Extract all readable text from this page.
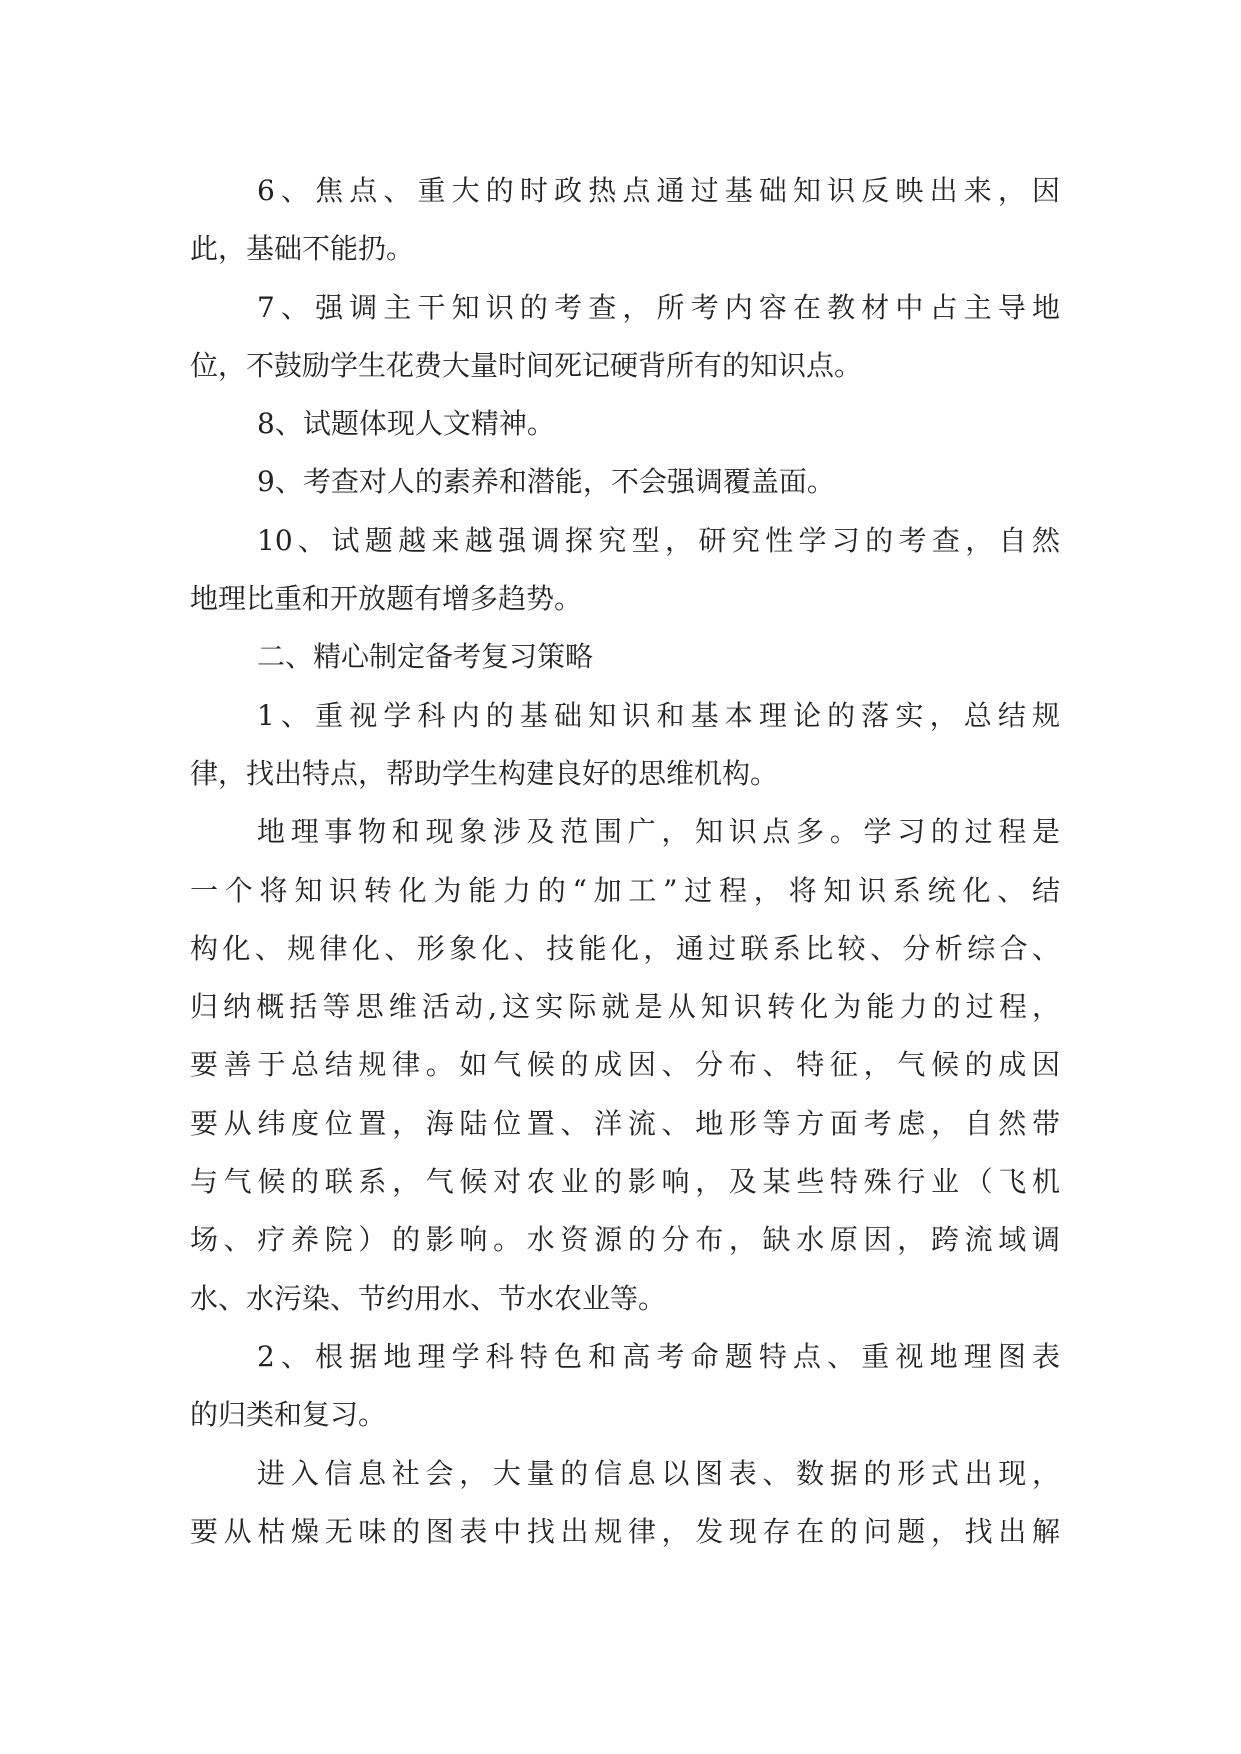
6、焦点、重大的时政热点通过基础知识反映出来，因
此，基础不能扔。
7、强调主干知识的考查，所考内容在教材中占主导地
位，不鼓励学生花费大量时间死记硬背所有的知识点。
8、试题体现人文精神。
9、考查对人的素养和潜能，不会强调覆盖面。
10、试题越来越强调探究型，研究性学习的考查，自然
地理比重和开放题有增多趋势。
二、精心制定备考复习策略
1、重视学科内的基础知识和基本理论的落实，总结规
律，找出特点，帮助学生构建良好的思维机构。
地理事物和现象涉及范围广，知识点多。学习的过程是
一个将知识转化为能力的“加工”过程，将知识系统化、结
构化、规律化、形象化、技能化，通过联系比较、分析综合、
归纳概括等思维活动,这实际就是从知识转化为能力的过程，
要善于总结规律。如气候的成因、分布、特征，气候的成因
要从纬度位置，海陆位置、洋流、地形等方面考虑，自然带
与气候的联系，气候对农业的影响，及某些特殊行业（飞机
场、疗养院）的影响。水资源的分布，缺水原因，跨流域调
水、水污染、节约用水、节水农业等。
2、根据地理学科特色和高考命题特点、重视地理图表
的归类和复习。
进入信息社会，大量的信息以图表、数据的形式出现，
要从枯燥无味的图表中找出规律，发现存在的问题，找出解
